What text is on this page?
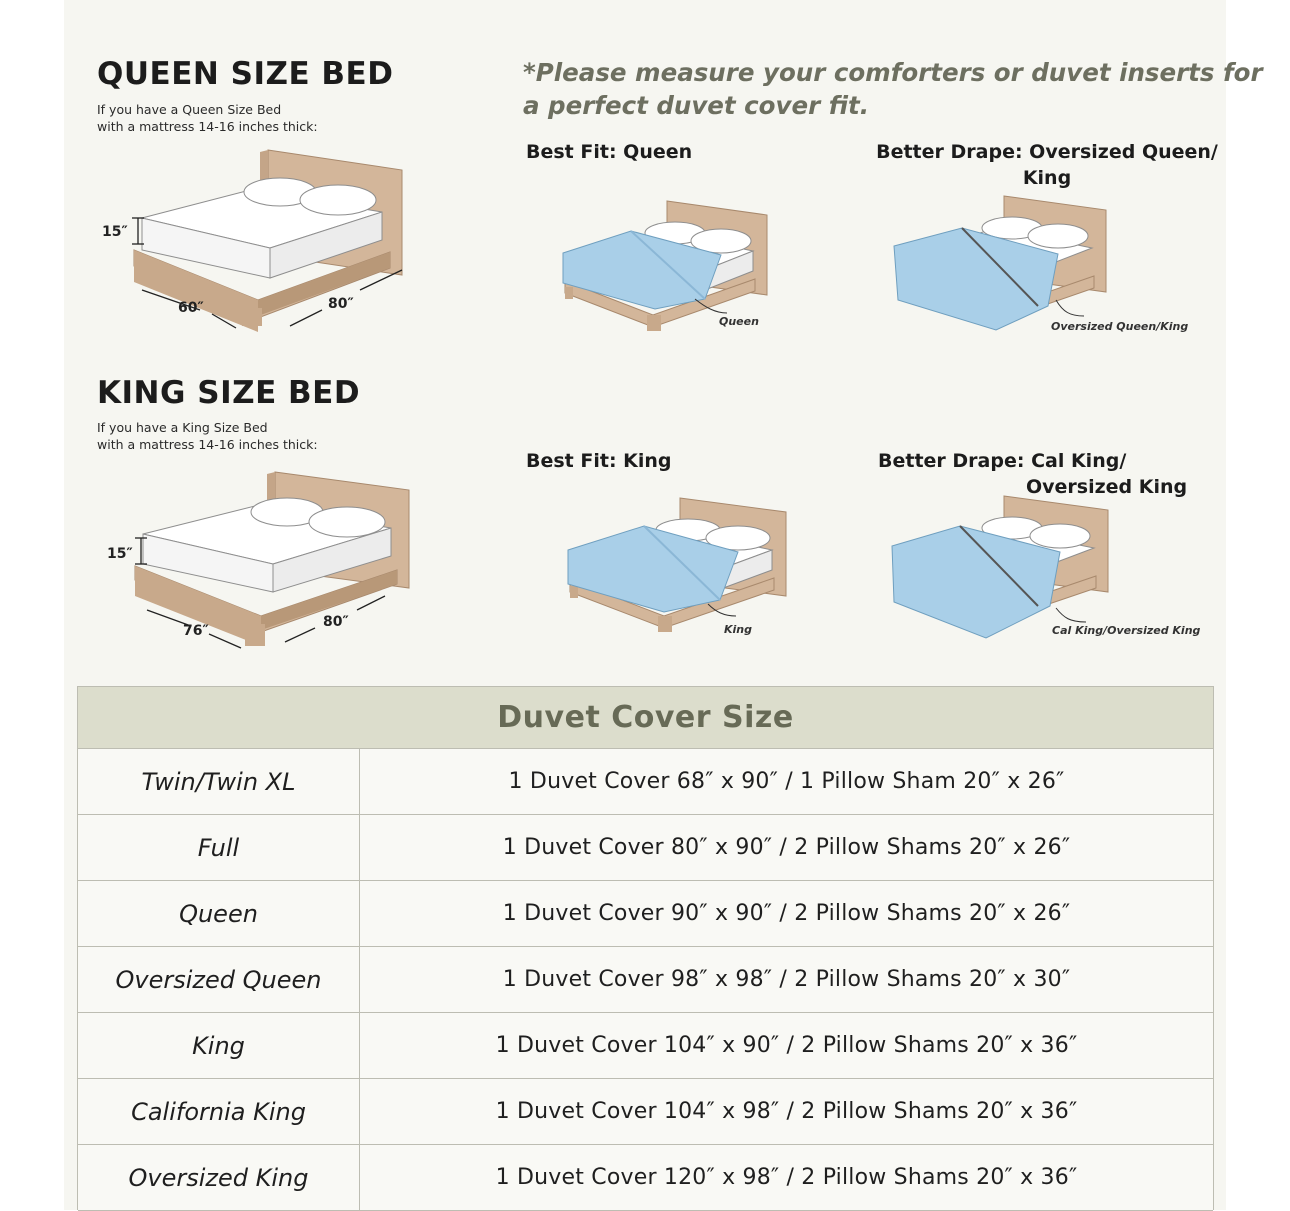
QUEEN SIZE BED
If you have a Queen Size Bed
with a mattress 14-16 inches thick:
15″
60″	80″
*Please measure your comforters or duvet inserts for
a perfect duvet cover fit.
Best Fit: Queen	Better Drape: Oversized Queen/
King
Queen	Oversized Queen/King
KING SIZE BED
If you have a King Size Bed
with a mattress 14-16 inches thick:
15″
76″
80″
Best Fit: King	Better Drape: Cal King/
Oversized King
King	Cal King/Oversized King
Duvet Cover Size
Twin/Twin XL	1 Duvet Cover 68″ x 90″ / 1 Pillow Sham 20″ x 26″
Full	1 Duvet Cover 80″ x 90″ / 2 Pillow Shams 20″ x 26″
Queen	1 Duvet Cover 90″ x 90″ / 2 Pillow Shams 20″ x 26″
Oversized Queen	1 Duvet Cover 98″ x 98″ / 2 Pillow Shams 20″ x 30″
King	1 Duvet Cover 104″ x 90″ / 2 Pillow Shams 20″ x 36″
California King	1 Duvet Cover 104″ x 98″ / 2 Pillow Shams 20″ x 36″
Oversized King	1 Duvet Cover 120″ x 98″ / 2 Pillow Shams 20″ x 36″
